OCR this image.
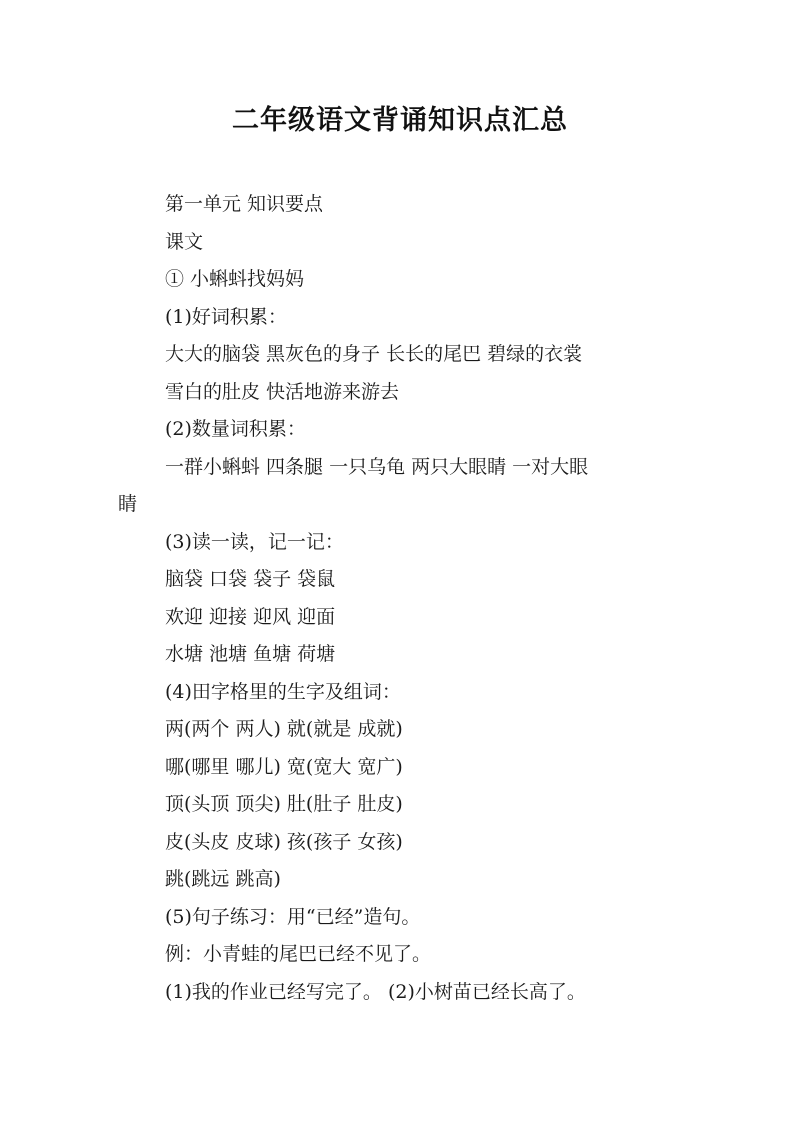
二年级语文背诵知识点汇总
第一单元 知识要点
课文
① 小蝌蚪找妈妈
(1)好词积累：
大大的脑袋 黑灰色的身子 长长的尾巴 碧绿的衣裳
雪白的肚皮 快活地游来游去
(2)数量词积累：
一群小蝌蚪 四条腿 一只乌龟 两只大眼睛 一对大眼
睛
(3)读一读，记一记：
脑袋 口袋 袋子 袋鼠
欢迎 迎接 迎风 迎面
水塘 池塘 鱼塘 荷塘
(4)田字格里的生字及组词：
两(两个 两人) 就(就是 成就)
哪(哪里 哪儿) 宽(宽大 宽广)
顶(头顶 顶尖) 肚(肚子 肚皮)
皮(头皮 皮球) 孩(孩子 女孩)
跳(跳远 跳高)
(5)句子练习：用“已经”造句。
例：小青蛙的尾巴已经不见了。
(1)我的作业已经写完了。 (2)小树苗已经长高了。
